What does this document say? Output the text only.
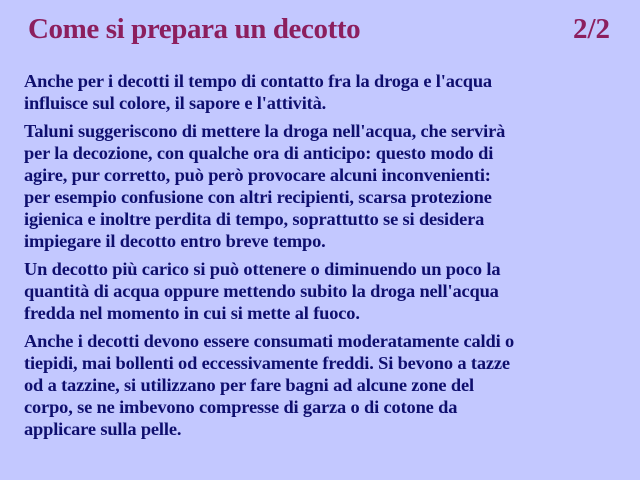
Come si prepara un decotto	2/2

Anche per i decotti il tempo di contatto fra la droga e l'acqua
influisce sul colore, il sapore e l'attività.

Taluni suggeriscono di mettere la droga nell'acqua, che servirà
per la decozione, con qualche ora di anticipo: questo modo di
agire, pur corretto, può però provocare alcuni inconvenienti:
per esempio confusione con altri recipienti, scarsa protezione
igienica e inoltre perdita di tempo, soprattutto se si desidera
impiegare il decotto entro breve tempo.

Un decotto più carico si può ottenere o diminuendo un poco la
quantità di acqua oppure mettendo subito la droga nell'acqua
fredda nel momento in cui si mette al fuoco.

Anche i decotti devono essere consumati moderatamente caldi o
tiepidi, mai bollenti od eccessivamente freddi. Si bevono a tazze
od a tazzine, si utilizzano per fare bagni ad alcune zone del
corpo, se ne imbevono compresse di garza o di cotone da
applicare sulla pelle.
